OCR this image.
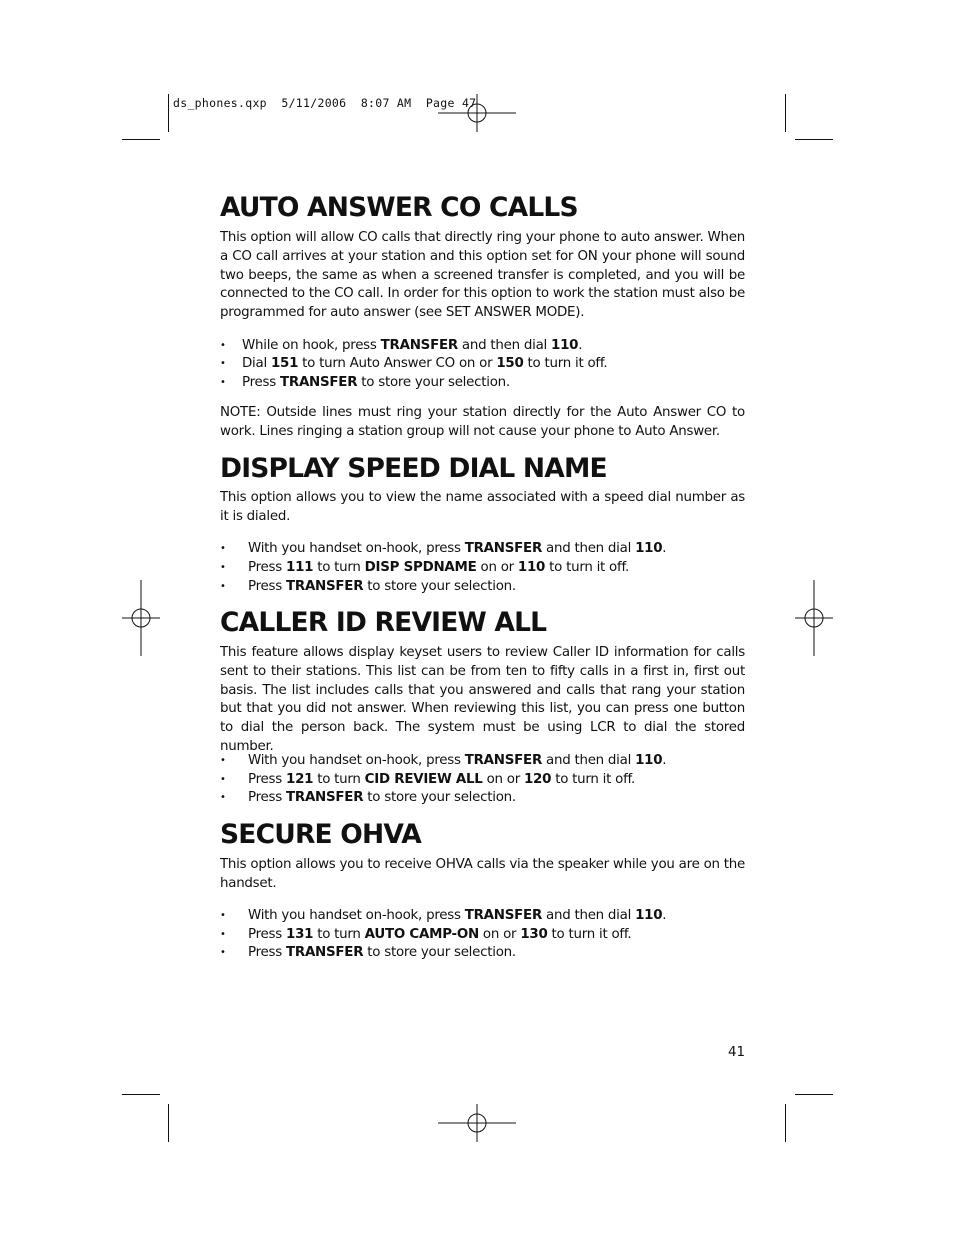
ds_phones.qxp  5/11/2006  8:07 AM  Page 47
AUTO ANSWER CO CALLS

This option will allow CO calls that directly ring your phone to auto answer. When a CO call arrives at your station and this option set for ON your phone will sound two beeps, the same as when a screened transfer is completed, and you will be connected to the CO call. In order for this option to work the station must also be programmed for auto answer (see SET ANSWER MODE).

• While on hook, press TRANSFER and then dial 110.
• Dial 151 to turn Auto Answer CO on or 150 to turn it off.
• Press TRANSFER to store your selection.

NOTE: Outside lines must ring your station directly for the Auto Answer CO to work. Lines ringing a station group will not cause your phone to Auto Answer.

DISPLAY SPEED DIAL NAME

This option allows you to view the name associated with a speed dial number as it is dialed.

• With you handset on-hook, press TRANSFER and then dial 110.
• Press 111 to turn DISP SPDNAME on or 110 to turn it off.
• Press TRANSFER to store your selection.
CALLER ID REVIEW ALL

This feature allows display keyset users to review Caller ID information for calls sent to their stations. This list can be from ten to fifty calls in a first in, first out basis. The list includes calls that you answered and calls that rang your station but that you did not answer. When reviewing this list, you can press one button to dial the person back. The system must be using LCR to dial the stored number.

• With you handset on-hook, press TRANSFER and then dial 110.
• Press 121 to turn CID REVIEW ALL on or 120 to turn it off.
• Press TRANSFER to store your selection.
SECURE OHVA

This option allows you to receive OHVA calls via the speaker while you are on the handset.

• With you handset on-hook, press TRANSFER and then dial 110.
• Press 131 to turn AUTO CAMP-ON on or 130 to turn it off.
• Press TRANSFER to store your selection.
41
